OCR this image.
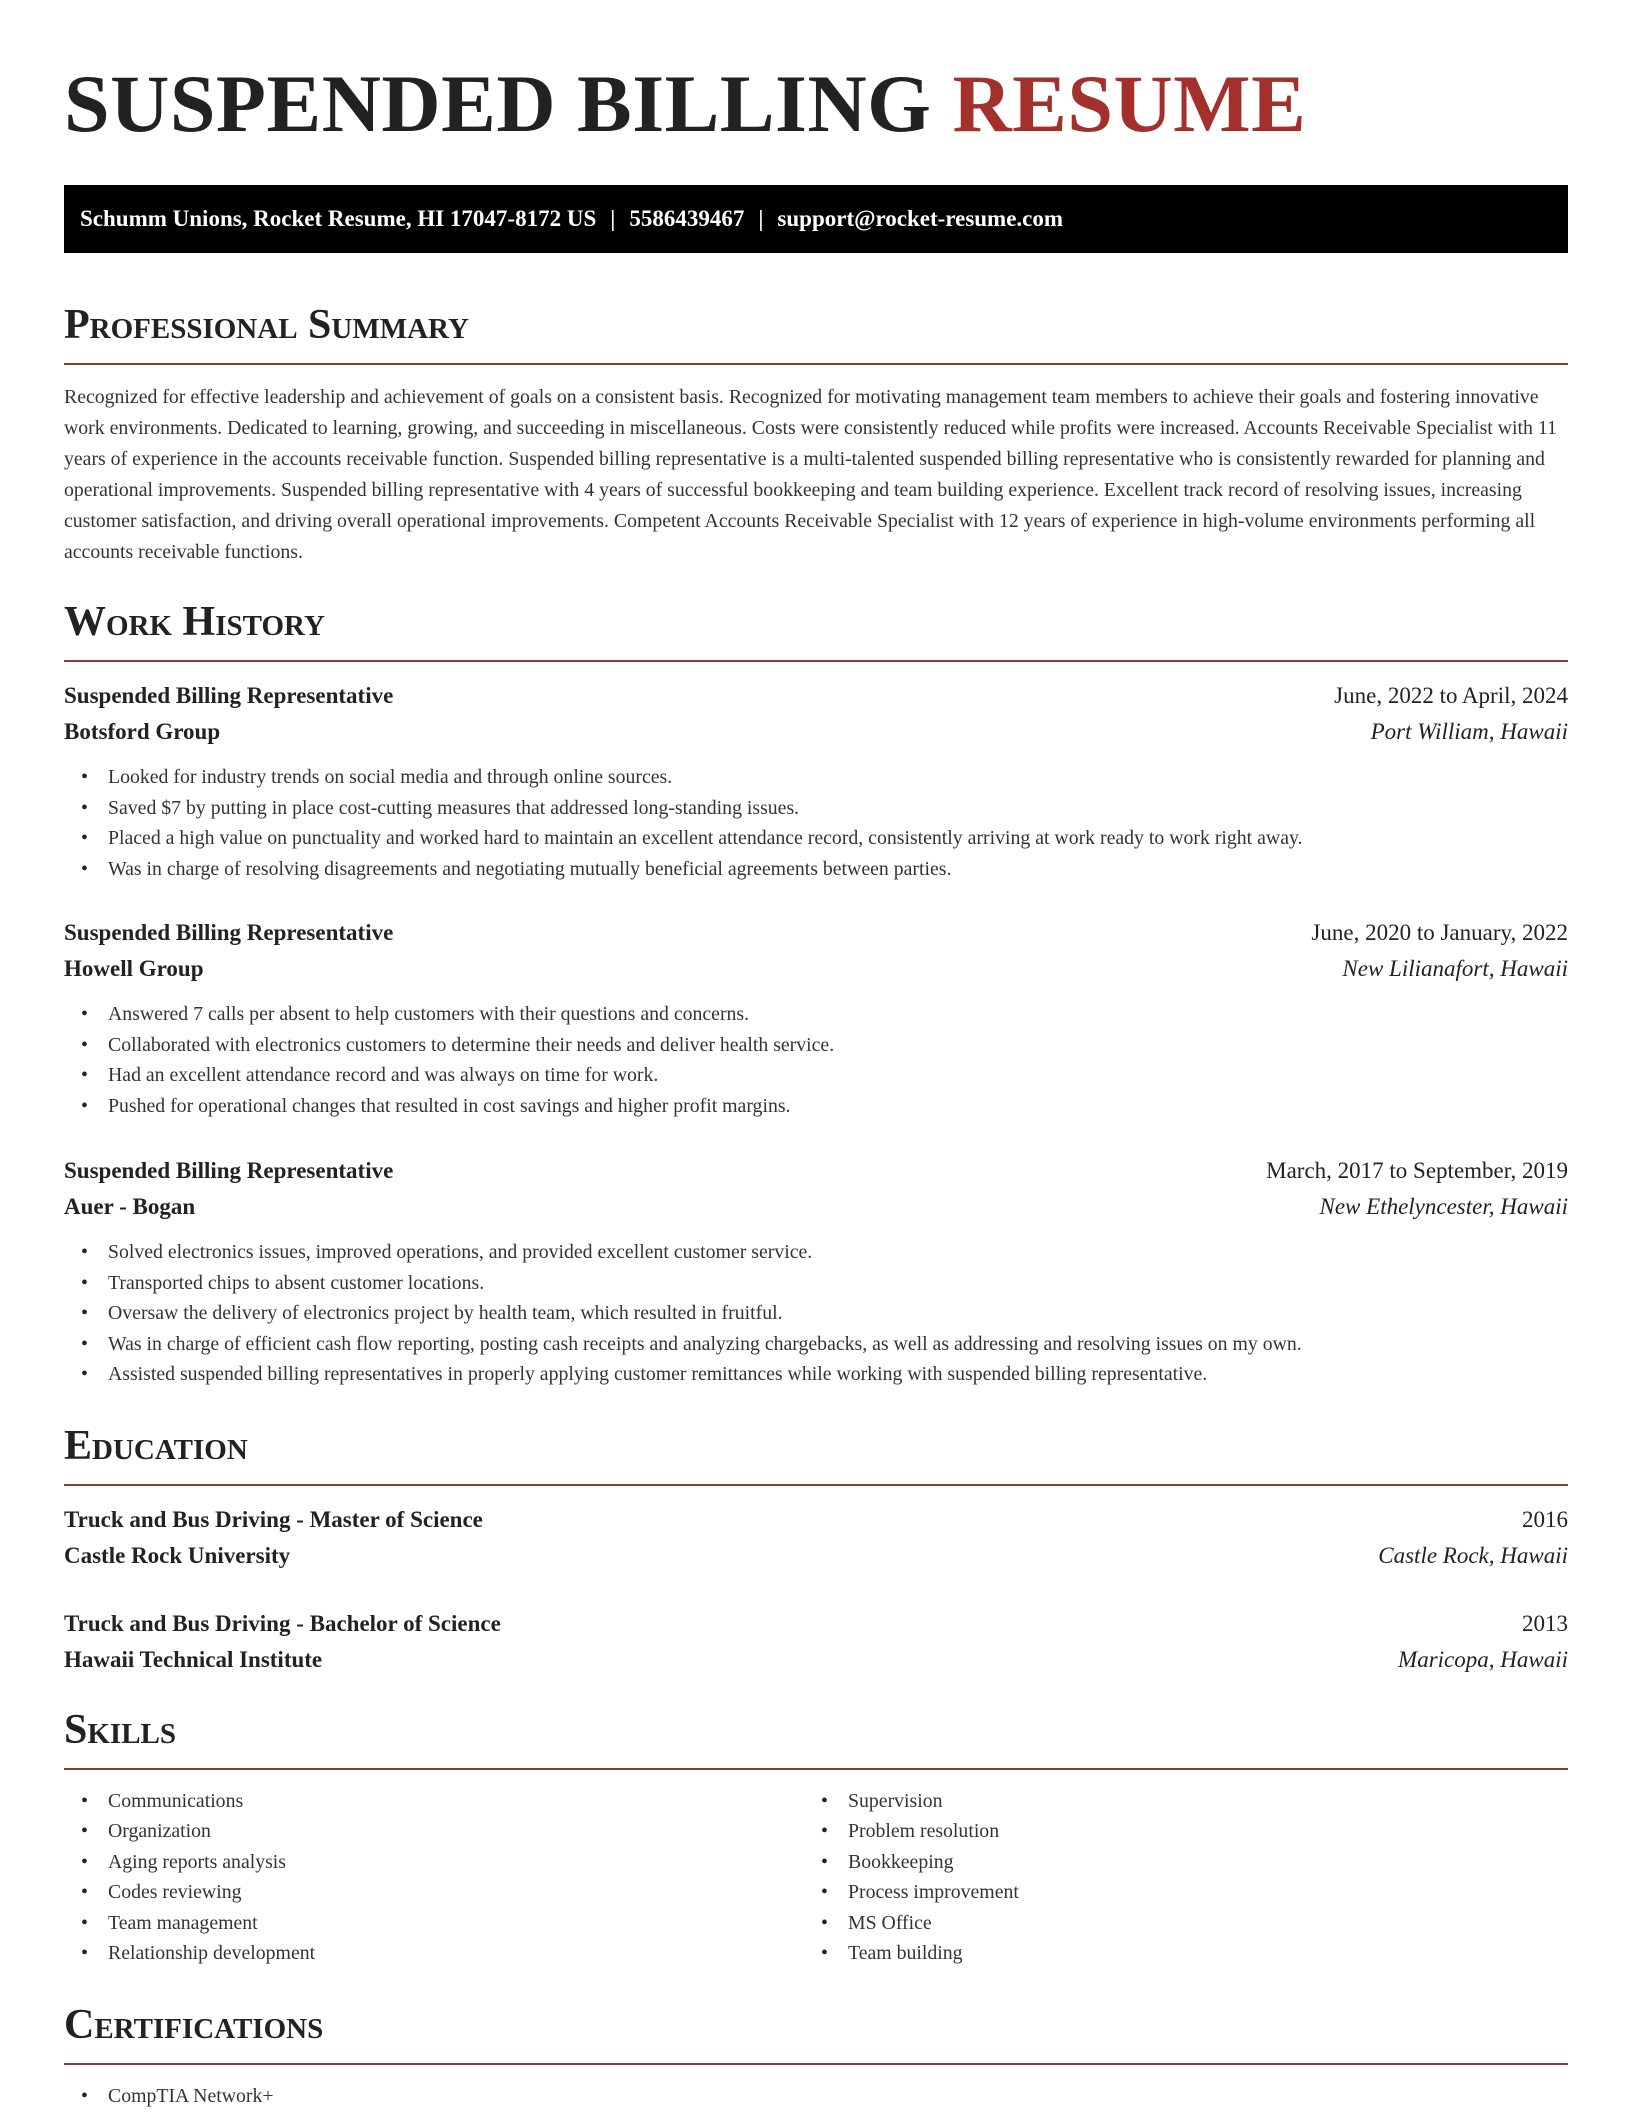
SUSPENDED BILLING RESUME
Schumm Unions, Rocket Resume, HI 17047-8172 US | 5586439467 | support@rocket-resume.com
Professional Summary

Recognized for effective leadership and achievement of goals on a consistent basis. Recognized for motivating management team members to achieve their goals and fostering innovative work environments. Dedicated to learning, growing, and succeeding in miscellaneous. Costs were consistently reduced while profits were increased. Accounts Receivable Specialist with 11 years of experience in the accounts receivable function. Suspended billing representative is a multi-talented suspended billing representative who is consistently rewarded for planning and operational improvements. Suspended billing representative with 4 years of successful bookkeeping and team building experience. Excellent track record of resolving issues, increasing customer satisfaction, and driving overall operational improvements. Competent Accounts Receivable Specialist with 12 years of experience in high-volume environments performing all accounts receivable functions.

Work History
Suspended Billing Representative	June, 2022 to April, 2024
Botsford Group	Port William, Hawaii
• Looked for industry trends on social media and through online sources.
• Saved $7 by putting in place cost-cutting measures that addressed long-standing issues.
• Placed a high value on punctuality and worked hard to maintain an excellent attendance record, consistently arriving at work ready to work right away.
• Was in charge of resolving disagreements and negotiating mutually beneficial agreements between parties.
Suspended Billing Representative	June, 2020 to January, 2022
Howell Group	New Lilianafort, Hawaii
• Answered 7 calls per absent to help customers with their questions and concerns.
• Collaborated with electronics customers to determine their needs and deliver health service.
• Had an excellent attendance record and was always on time for work.
• Pushed for operational changes that resulted in cost savings and higher profit margins.
Suspended Billing Representative	March, 2017 to September, 2019
Auer - Bogan	New Ethelyncester, Hawaii
• Solved electronics issues, improved operations, and provided excellent customer service.
• Transported chips to absent customer locations.
• Oversaw the delivery of electronics project by health team, which resulted in fruitful.
• Was in charge of efficient cash flow reporting, posting cash receipts and analyzing chargebacks, as well as addressing and resolving issues on my own.
• Assisted suspended billing representatives in properly applying customer remittances while working with suspended billing representative.
Education
Truck and Bus Driving - Master of Science	2016
Castle Rock University	Castle Rock, Hawaii
Truck and Bus Driving - Bachelor of Science	2013
Hawaii Technical Institute	Maricopa, Hawaii
Skills
• Communications
• Organization
• Aging reports analysis
• Codes reviewing
• Team management
• Relationship development
• Supervision
• Problem resolution
• Bookkeeping
• Process improvement
• MS Office
• Team building
Certifications
• CompTIA Network+
